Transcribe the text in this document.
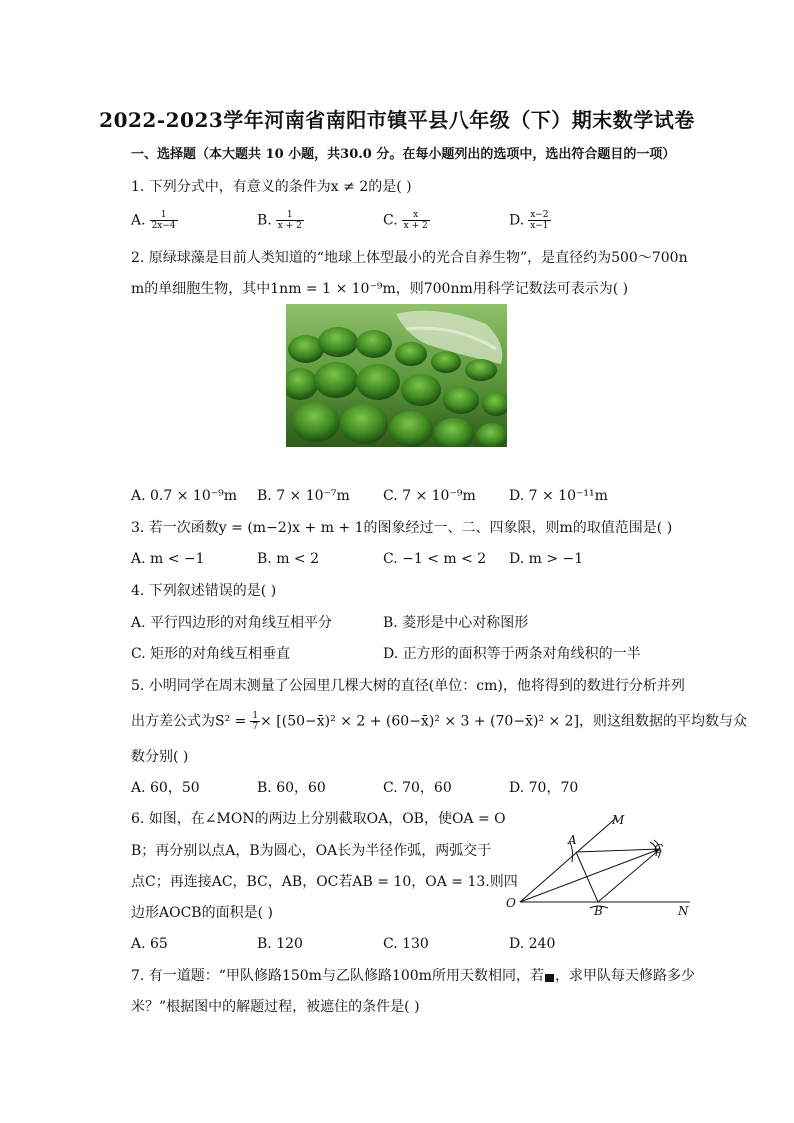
2022-2023学年河南省南阳市镇平县八年级（下）期末数学试卷
一、选择题（本大题共 10 小题，共30.0 分。在每小题列出的选项中，选出符合题目的一项）
1. 下列分式中，有意义的条件为x ≠ 2的是( )
A. $\frac{1}{2x-4}$	B. $\frac{1}{x + 2}$	C. $\frac{x}{x + 2}$	D. $\frac{x-2}{x-1}$
2. 原绿球藻是目前人类知道的“地球上体型最小的光合自养生物”，是直径约为500～700n
m的单细胞生物，其中1nm = 1 × 10⁻⁹m，则700nm用科学记数法可表示为( )
A. 0.7 × 10⁻⁹m B. 7 × 10⁻⁷m C. 7 × 10⁻⁹m D. 7 × 10⁻¹¹m
3. 若一次函数y = (m−2)x + m + 1的图象经过一、二、四象限，则m的取值范围是( )
A. m < −1	B. m < 2	C. −1 < m < 2 D. m > −1
4. 下列叙述错误的是( )
A. 平行四边形的对角线互相平分	B. 菱形是中心对称图形
C. 矩形的对角线互相垂直	D. 正方形的面积等于两条对角线积的一半
5. 小明同学在周末测量了公园里几棵大树的直径(单位：cm)，他将得到的数进行分析并列
出方差公式为$S^2 = \frac{1}{7}$ × [(50−x̄)² × 2 + (60−x̄)² × 3 + (70−x̄)² × 2]，则这组数据的平均数与众
数分别( )
A. 60，50	B. 60，60	C. 70，60	D. 70，70
6. 如图，在∠MON的两边上分别截取OA，OB，使OA = O
B；再分别以点A，B为圆心，OA长为半径作弧，两弧交于
点C；再连接AC，BC，AB，OC若AB = 10，OA = 13.则四
边形AOCB的面积是( )
O
A
B
C
M
N
A. 65	B. 120	C. 130	D. 240
7. 有一道题：“甲队修路150m与乙队修路100m所用天数相同，若 ，求甲队每天修路多少
米？”根据图中的解题过程，被遮住的条件是( )
